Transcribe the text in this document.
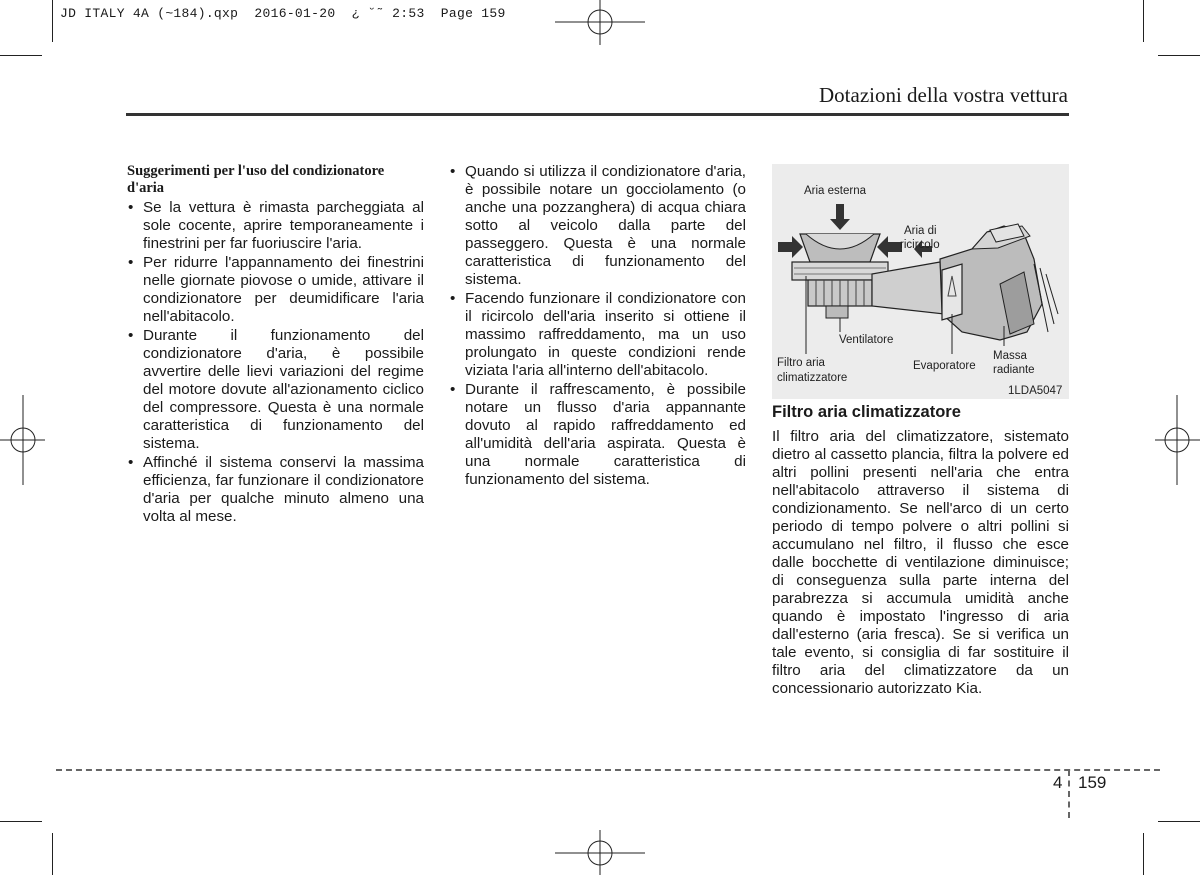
JD ITALY 4A (~184).qxp  2016-01-20  ¿ ˘˜ 2:53  Page 159
Dotazioni della vostra vettura
Suggerimenti per l'uso del condizionatore d'aria
• Se la vettura è rimasta parcheggiata al sole cocente, aprire temporaneamente i finestrini per far fuoriuscire l'aria.
• Per ridurre l'appannamento dei finestrini nelle giornate piovose o umide, attivare il condizionatore per deumidificare l'aria nell'abitacolo.
• Durante il funzionamento del condizionatore d'aria, è possibile avvertire delle lievi variazioni del regime del motore dovute all'azionamento ciclico del compressore. Questa è una normale caratteristica di funzionamento del sistema.
• Affinché il sistema conservi la massima efficienza, far funzionare il condizionatore d'aria per qualche minuto almeno una volta al mese.
• Quando si utilizza il condizionatore d'aria, è possibile notare un gocciolamento (o anche una pozzanghera) di acqua chiara sotto al veicolo dalla parte del passeggero. Questa è una normale caratteristica di funzionamento del sistema.
• Facendo funzionare il condizionatore con il ricircolo dell'aria inserito si ottiene il massimo raffreddamento, ma un uso prolungato in queste condizioni rende viziata l'aria all'interno dell'abitacolo.
• Durante il raffrescamento, è possibile notare un flusso d'aria appannante dovuto al rapido raffreddamento ed all'umidità dell'aria aspirata. Questa è una normale caratteristica di funzionamento del sistema.
Aria esterna
Aria di
ricircolo
Ventilatore
Filtro aria
climatizzatore
Evaporatore
Massa
radiante
1LDA5047
Filtro aria climatizzatore
Il filtro aria del climatizzatore, sistemato dietro al cassetto plancia, filtra la polvere ed altri pollini presenti nell'aria che entra nell'abitacolo attraverso il sistema di condizionamento. Se nell'arco di un certo periodo di tempo polvere o altri pollini si accumulano nel filtro, il flusso che esce dalle bocchette di ventilazione diminuisce; di conseguenza sulla parte interna del parabrezza si accumula umidità anche quando è impostato l'ingresso di aria dall'esterno (aria fresca). Se si verifica un tale evento, si consiglia di far sostituire il filtro aria del climatizzatore da un concessionario autorizzato Kia.
4 159
